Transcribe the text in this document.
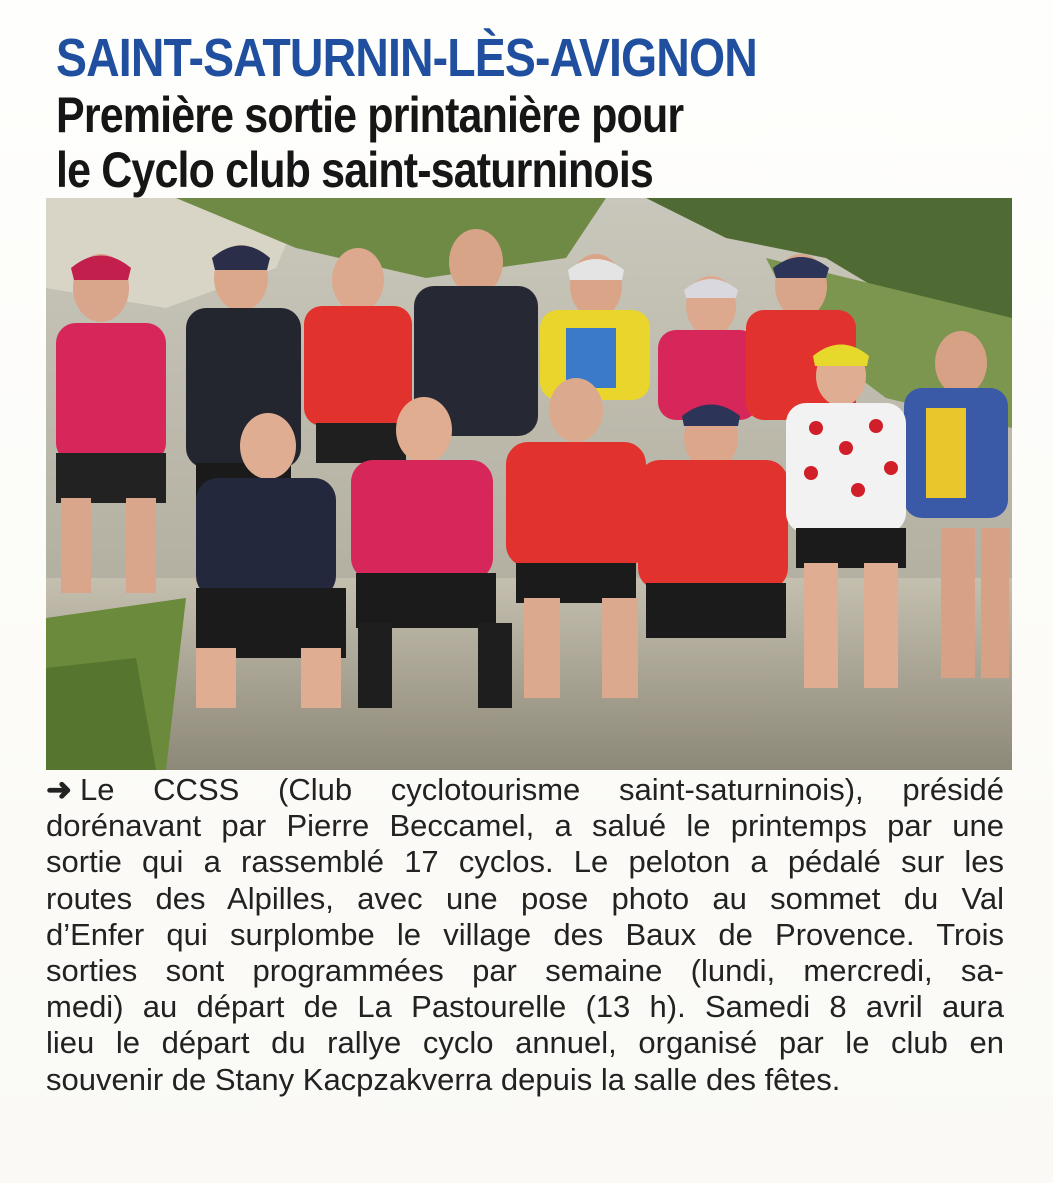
SAINT-SATURNIN-LÈS-AVIGNON
Première sortie printanière pour
le Cyclo club saint-saturninois
➜ Le CCSS (Club cyclotourisme saint-saturninois), présidé
dorénavant par Pierre Beccamel, a salué le printemps par une
sortie qui a rassemblé 17 cyclos. Le peloton a pédalé sur les
routes des Alpilles, avec une pose photo au sommet du Val
d’Enfer qui surplombe le village des Baux de Provence. Trois
sorties sont programmées par semaine (lundi, mercredi, sa-
medi) au départ de La Pastourelle (13 h). Samedi 8 avril aura
lieu le départ du rallye cyclo annuel, organisé par le club en
souvenir de Stany Kacpzakverra depuis la salle des fêtes.
